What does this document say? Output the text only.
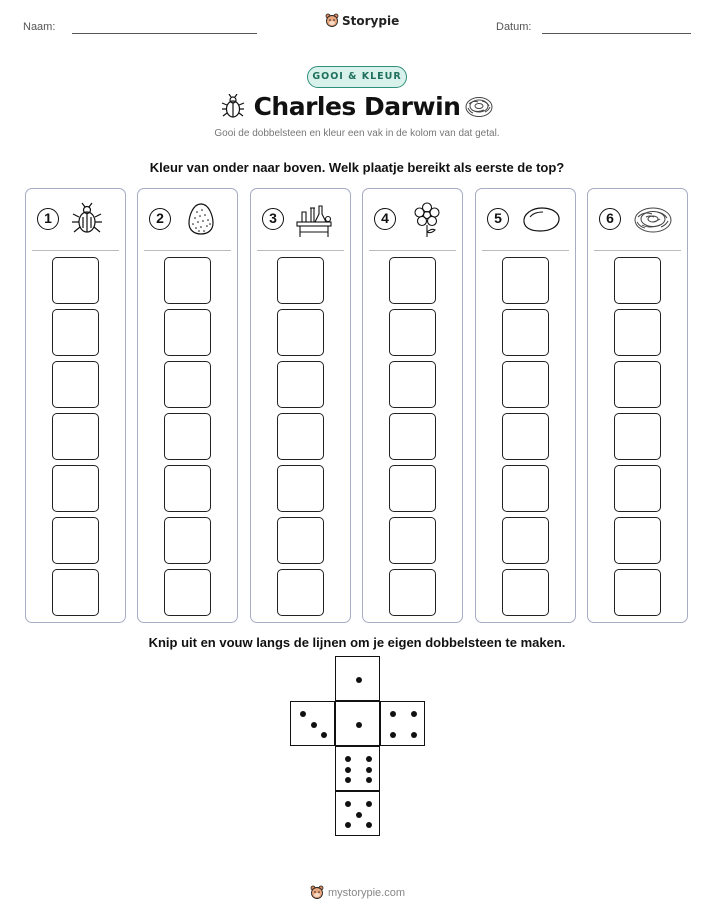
Naam:	Storypie	Datum:
GOOI & KLEUR
Charles Darwin
Gooi de dobbelsteen en kleur een vak in de kolom van dat getal.
Kleur van onder naar boven. Welk plaatje bereikt als eerste de top?
1	2	3	4	5	6
Knip uit en vouw langs de lijnen om je eigen dobbelsteen te maken.
mystorypie.com
